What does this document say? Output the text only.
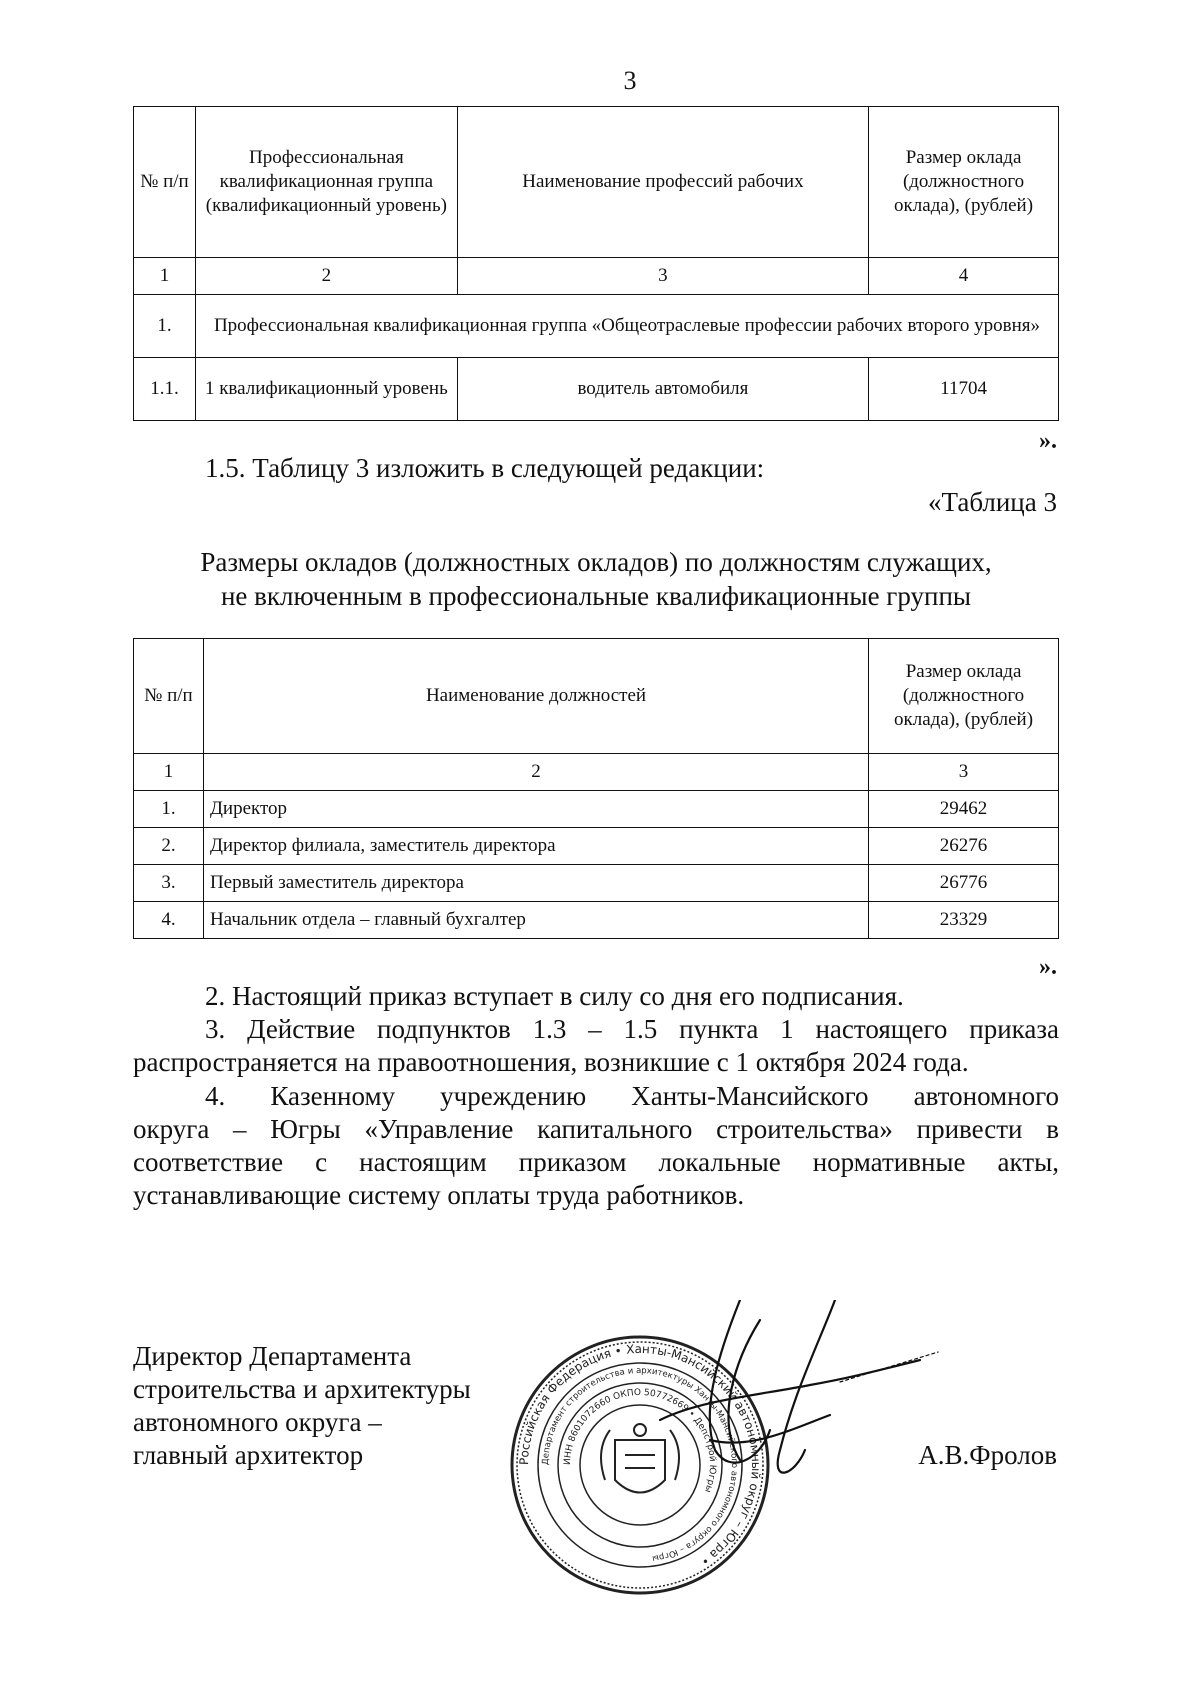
3
№ п/п	Профессиональная квалификационная группа (квалификационный уровень)	Наименование профессий рабочих	Размер оклада (должностного оклада), (рублей)
1	2	3	4
1.	Профессиональная квалификационная группа «Общеотраслевые профессии рабочих второго уровня»		
1.1.	1 квалификационный уровень	водитель автомобиля	11704
».
1.5. Таблицу 3 изложить в следующей редакции:
«Таблица 3
Размеры окладов (должностных окладов) по должностям служащих,
не включенным в профессиональные квалификационные группы
№ п/п	Наименование должностей	Размер оклада (должностного оклада), (рублей)
1	2	3
1.	Директор	29462
2.	Директор филиала, заместитель директора	26276
3.	Первый заместитель директора	26776
4.	Начальник отдела – главный бухгалтер	23329
».
2. Настоящий приказ вступает в силу со дня его подписания.
3. Действие подпунктов 1.3 – 1.5 пункта 1 настоящего приказа
распространяется на правоотношения, возникшие с 1 октября 2024 года.
4. Казенному учреждению Ханты-Мансийского автономного
округа – Югры «Управление капитального строительства» привести в
соответствие с настоящим приказом локальные нормативные акты,
устанавливающие систему оплаты труда работников.
Директор Департамента
строительства и архитектуры
автономного округа –
главный архитектор	А.В.Фролов
Российская Федерация • Ханты-Мансийский автономный округ – Югра •
Департамент строительства и архитектуры Ханты-Мансийского автономного округа – Югры
ИНН 8601072660 ОКПО 50772669 • Депстрой Югры
